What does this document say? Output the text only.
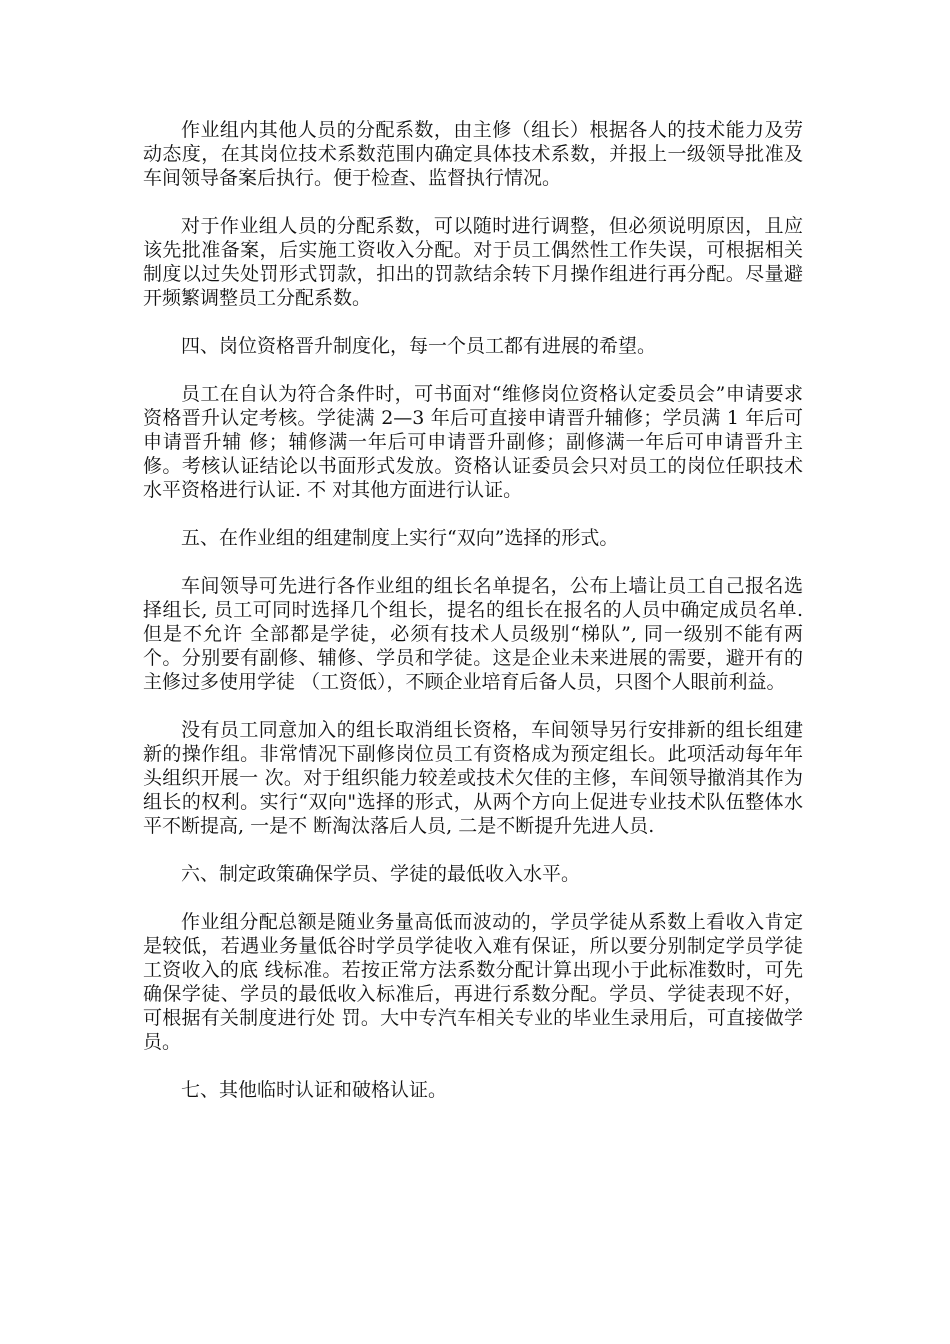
作业组内其他人员的分配系数，由主修（组长）根据各人的技术能力及劳动态度，在其岗位技术系数范围内确定具体技术系数，并报上一级领导批准及车间领导备案后执行。便于检查、监督执行情况。

对于作业组人员的分配系数，可以随时进行调整，但必须说明原因，且应该先批准备案，后实施工资收入分配。对于员工偶然性工作失误，可根据相关制度以过失处罚形式罚款，扣出的罚款结余转下月操作组进行再分配。尽量避开频繁调整员工分配系数。

四、岗位资格晋升制度化，每一个员工都有进展的希望。

员工在自认为符合条件时，可书面对“维修岗位资格认定委员会”申请要求资格晋升认定考核。学徒满 2—3 年后可直接申请晋升辅修；学员满 1 年后可申请晋升辅 修；辅修满一年后可申请晋升副修；副修满一年后可申请晋升主修。考核认证结论以书面形式发放。资格认证委员会只对员工的岗位任职技术水平资格进行认证. 不 对其他方面进行认证。

五、在作业组的组建制度上实行“双向”选择的形式。

车间领导可先进行各作业组的组长名单提名，公布上墙让员工自己报名选择组长, 员工可同时选择几个组长，提名的组长在报名的人员中确定成员名单. 但是不允许 全部都是学徒，必须有技术人员级别“梯队”, 同一级别不能有两个。分别要有副修、辅修、学员和学徒。这是企业未来进展的需要，避开有的主修过多使用学徒 （工资低），不顾企业培育后备人员，只图个人眼前利益。

没有员工同意加入的组长取消组长资格，车间领导另行安排新的组长组建新的操作组。非常情况下副修岗位员工有资格成为预定组长。此项活动每年年头组织开展一 次。对于组织能力较差或技术欠佳的主修，车间领导撤消其作为组长的权利。实行“双向"选择的形式，从两个方向上促进专业技术队伍整体水平不断提高, 一是不 断淘汰落后人员, 二是不断提升先进人员.

六、制定政策确保学员、学徒的最低收入水平。

作业组分配总额是随业务量高低而波动的，学员学徒从系数上看收入肯定是较低，若遇业务量低谷时学员学徒收入难有保证，所以要分别制定学员学徒工资收入的底 线标准。若按正常方法系数分配计算出现小于此标准数时，可先确保学徒、学员的最低收入标准后，再进行系数分配。学员、学徒表现不好，可根据有关制度进行处 罚。大中专汽车相关专业的毕业生录用后，可直接做学员。

七、其他临时认证和破格认证。
